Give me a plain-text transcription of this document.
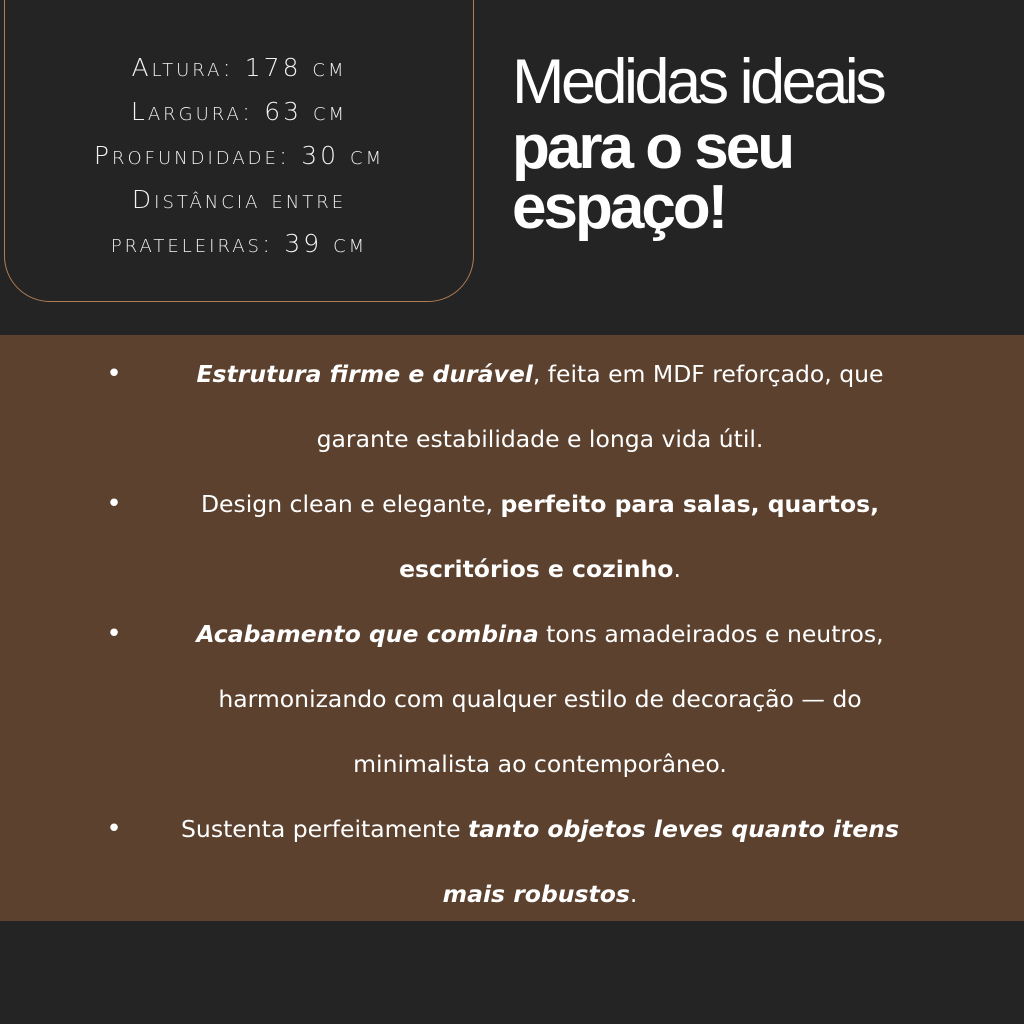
Altura: 178 cm
Largura: 63 cm
Profundidade: 30 cm
Distância entre
prateleiras: 39 cm
Medidas ideais
para o seu
espaço!
•	Estrutura firme e durável, feita em MDF reforçado, que garante estabilidade e longa vida útil.
•	Design clean e elegante, perfeito para salas, quartos, escritórios e cozinho.
•	Acabamento que combina tons amadeirados e neutros, harmonizando com qualquer estilo de decoração — do minimalista ao contemporâneo.
•	Sustenta perfeitamente tanto objetos leves quanto itens mais robustos.
